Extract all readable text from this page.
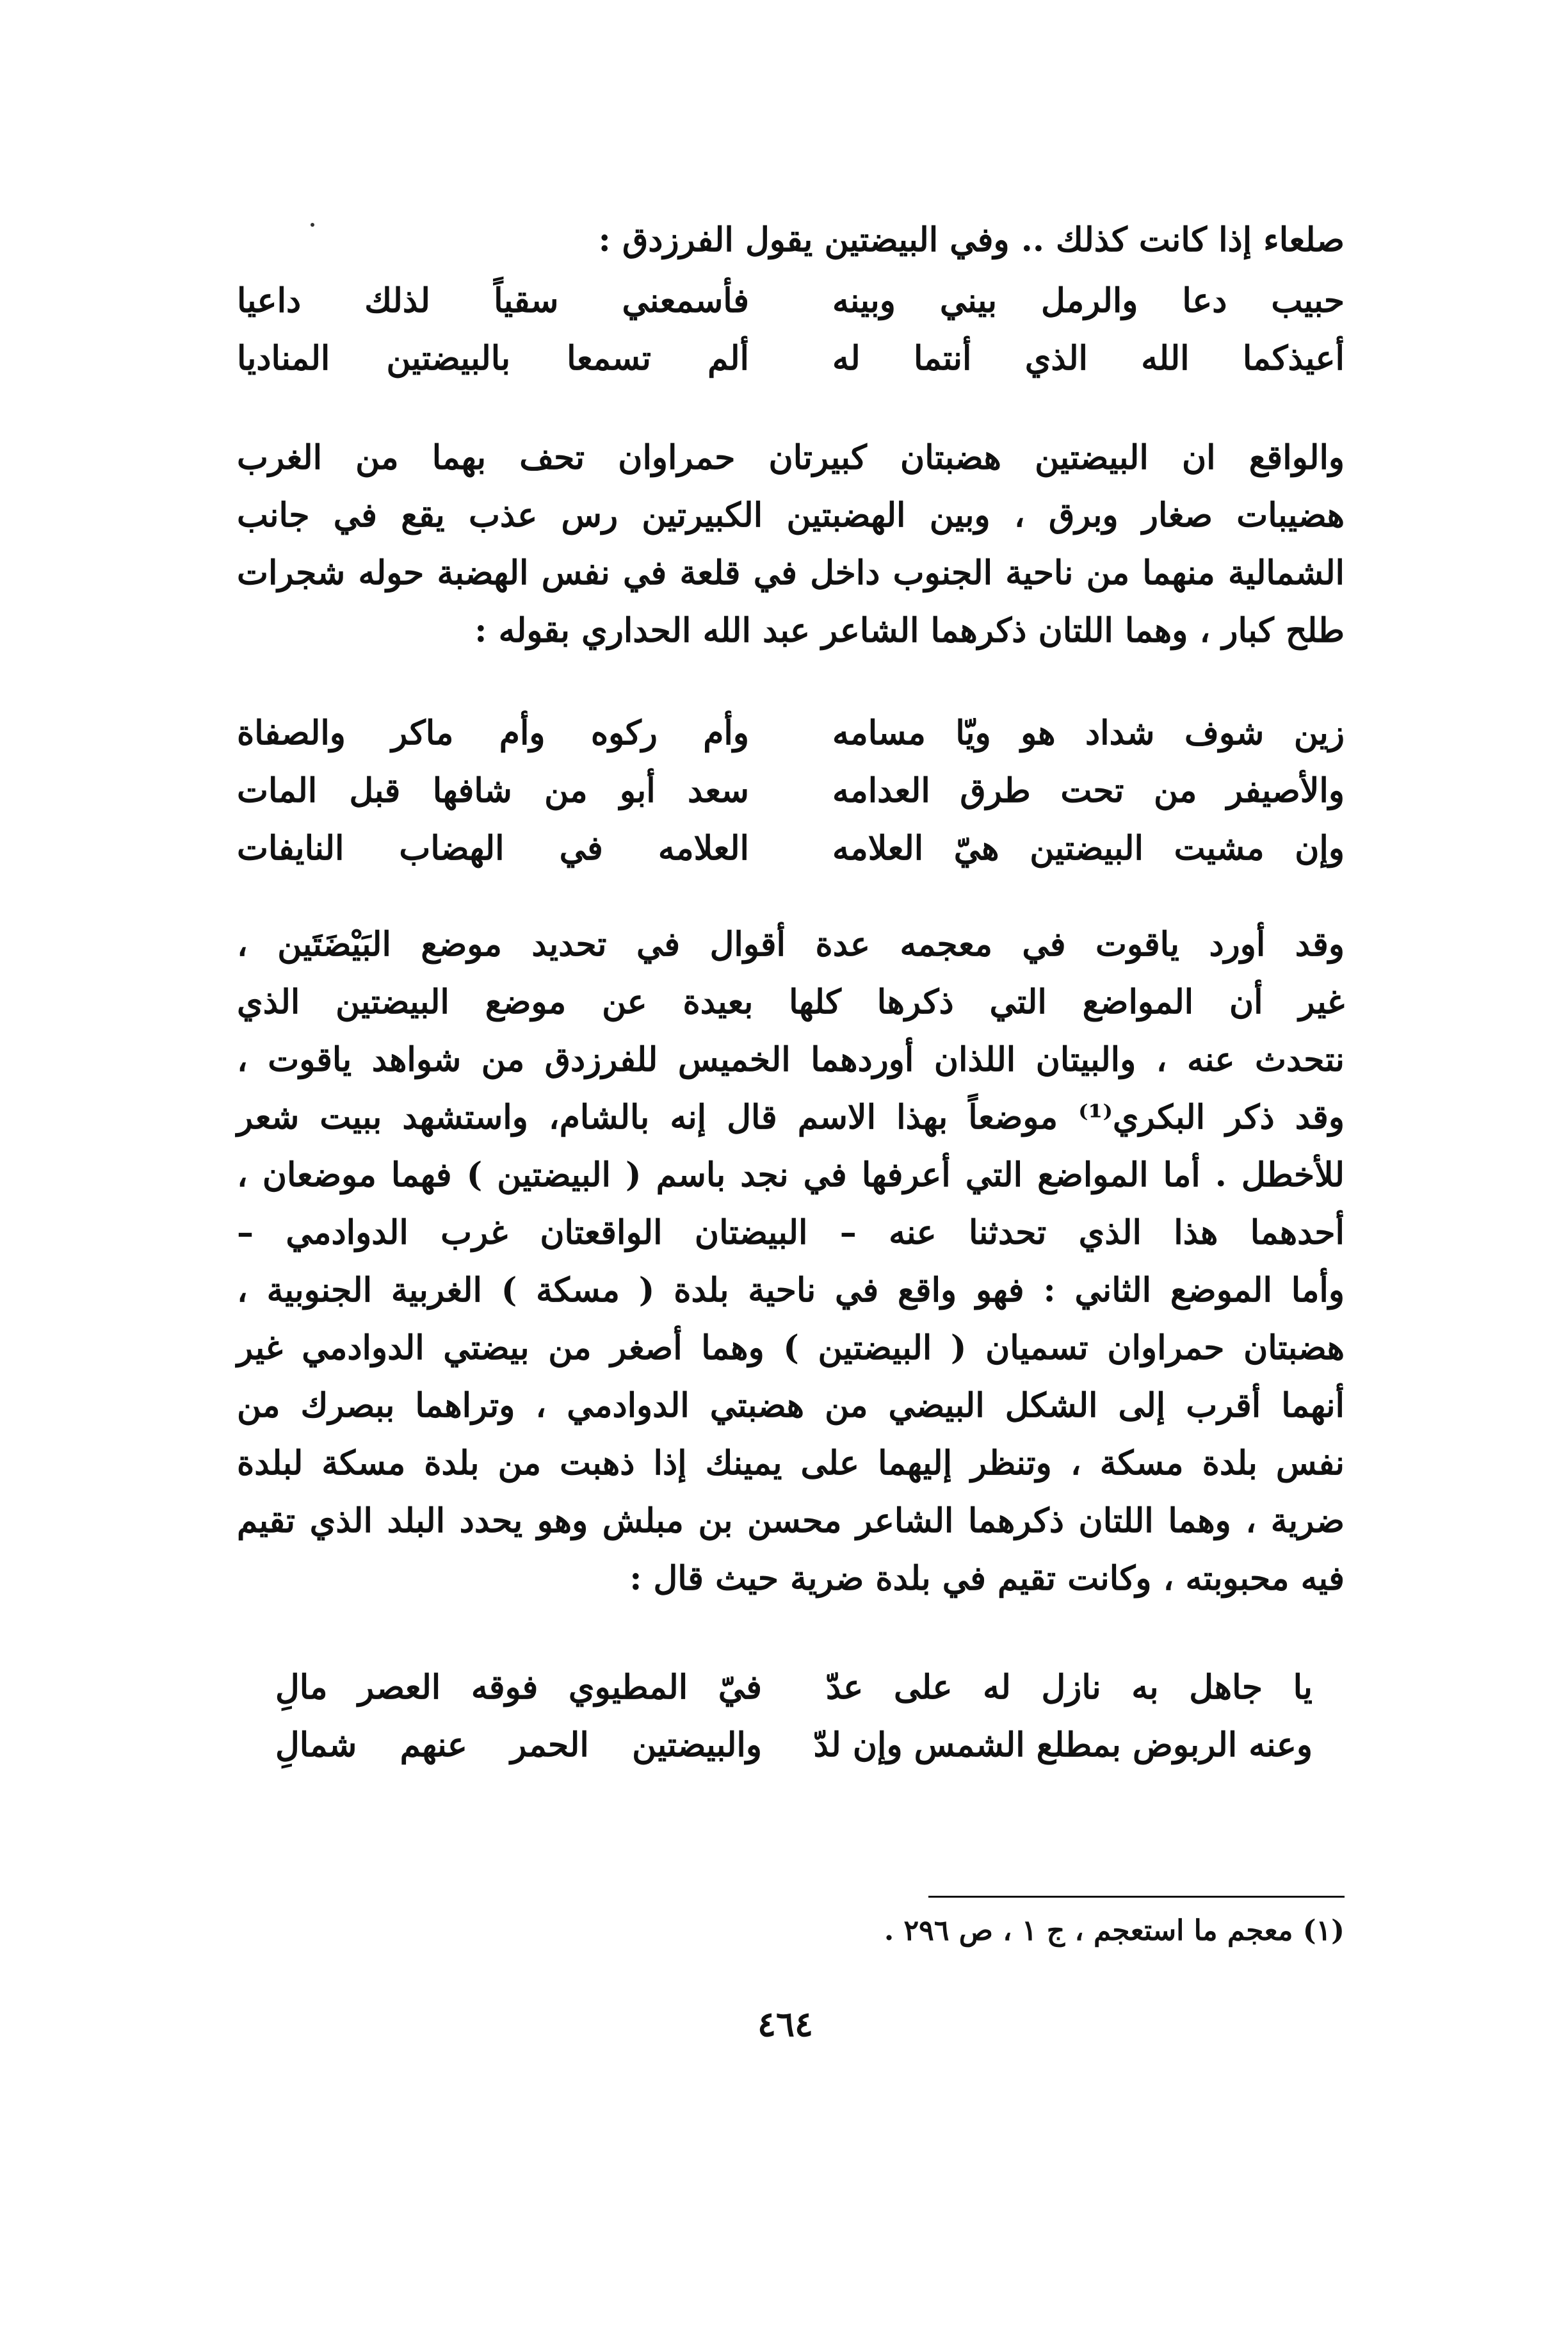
صلعاء إذا كانت كذلك .. وفي البيضتين يقول الفرزدق :
حبيب دعا والرمل بيني وبينه
فأسمعني سقياً لذلك داعيا
أعيذكما الله الذي أنتما له
ألم تسمعا بالبيضتين المناديا
والواقع ان البيضتين هضبتان كبيرتان حمراوان تحف بهما من الغرب
هضيبات صغار وبرق ، وبين الهضبتين الكبيرتين رس عذب يقع في جانب
الشمالية منهما من ناحية الجنوب داخل في قلعة في نفس الهضبة حوله شجرات
طلح كبار ، وهما اللتان ذكرهما الشاعر عبد الله الحداري بقوله :
زين شوف شداد هو ويّا مسامه
وأم ركوه وأم ماكر والصفاة
والأصيفر من تحت طرق العدامه
سعد أبو من شافها قبل المات
وإن مشيت البيضتين هيّ العلامه
العلامه في الهضاب النايفات
وقد أورد ياقوت في معجمه عدة أقوال في تحديد موضع البَيْضَتَين ،
غير أن المواضع التي ذكرها كلها بعيدة عن موضع البيضتين الذي
نتحدث عنه ، والبيتان اللذان أوردهما الخميس للفرزدق من شواهد ياقوت ،
وقد ذكر البكري⁽¹⁾ موضعاً بهذا الاسم قال إنه بالشام، واستشهد ببيت شعر
للأخطل . أما المواضع التي أعرفها في نجد باسم ( البيضتين ) فهما موضعان ،
أحدهما هذا الذي تحدثنا عنه – البيضتان الواقعتان غرب الدوادمي –
وأما الموضع الثاني : فهو واقع في ناحية بلدة ( مسكة ) الغربية الجنوبية ،
هضبتان حمراوان تسميان ( البيضتين ) وهما أصغر من بيضتي الدوادمي غير
أنهما أقرب إلى الشكل البيضي من هضبتي الدوادمي ، وتراهما ببصرك من
نفس بلدة مسكة ، وتنظر إليهما على يمينك إذا ذهبت من بلدة مسكة لبلدة
ضرية ، وهما اللتان ذكرهما الشاعر محسن بن مبلش وهو يحدد البلد الذي تقيم
فيه محبوبته ، وكانت تقيم في بلدة ضرية حيث قال :
يا جاهل به نازل له على عدّ
فيّ المطيوي فوقه العصر مالِ
وعنه الربوض بمطلع الشمس وإن لدّ
والبيضتين الحمر عنهم شمالِ
(١) معجم ما استعجم ، ج ١ ، ص ٢٩٦ .
٤٦٤
